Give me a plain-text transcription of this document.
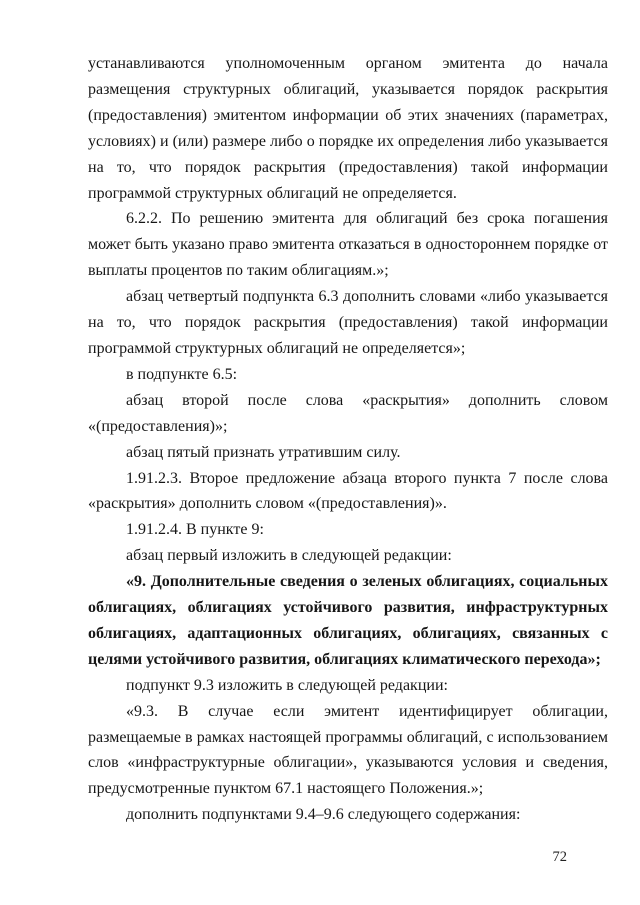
устанавливаются уполномоченным органом эмитента до начала размещения структурных облигаций, указывается порядок раскрытия (предоставления) эмитентом информации об этих значениях (параметрах, условиях) и (или) размере либо о порядке их определения либо указывается на то, что порядок раскрытия (предоставления) такой информации программой структурных облигаций не определяется.

6.2.2. По решению эмитента для облигаций без срока погашения может быть указано право эмитента отказаться в одностороннем порядке от выплаты процентов по таким облигациям.»;

абзац четвертый подпункта 6.3 дополнить словами «либо указывается на то, что порядок раскрытия (предоставления) такой информации программой структурных облигаций не определяется»;

в подпункте 6.5:

абзац второй после слова «раскрытия» дополнить словом «(предоставления)»;

абзац пятый признать утратившим силу.

1.91.2.3. Второе предложение абзаца второго пункта 7 после слова «раскрытия» дополнить словом «(предоставления)».

1.91.2.4. В пункте 9:

абзац первый изложить в следующей редакции:

«9. Дополнительные сведения о зеленых облигациях, социальных облигациях, облигациях устойчивого развития, инфраструктурных облигациях, адаптационных облигациях, облигациях, связанных с целями устойчивого развития, облигациях климатического перехода»;

подпункт 9.3 изложить в следующей редакции:

«9.3. В случае если эмитент идентифицирует облигации, размещаемые в рамках настоящей программы облигаций, с использованием слов «инфраструктурные облигации», указываются условия и сведения, предусмотренные пунктом 67.1 настоящего Положения.»;

дополнить подпунктами 9.4–9.6 следующего содержания:

72
